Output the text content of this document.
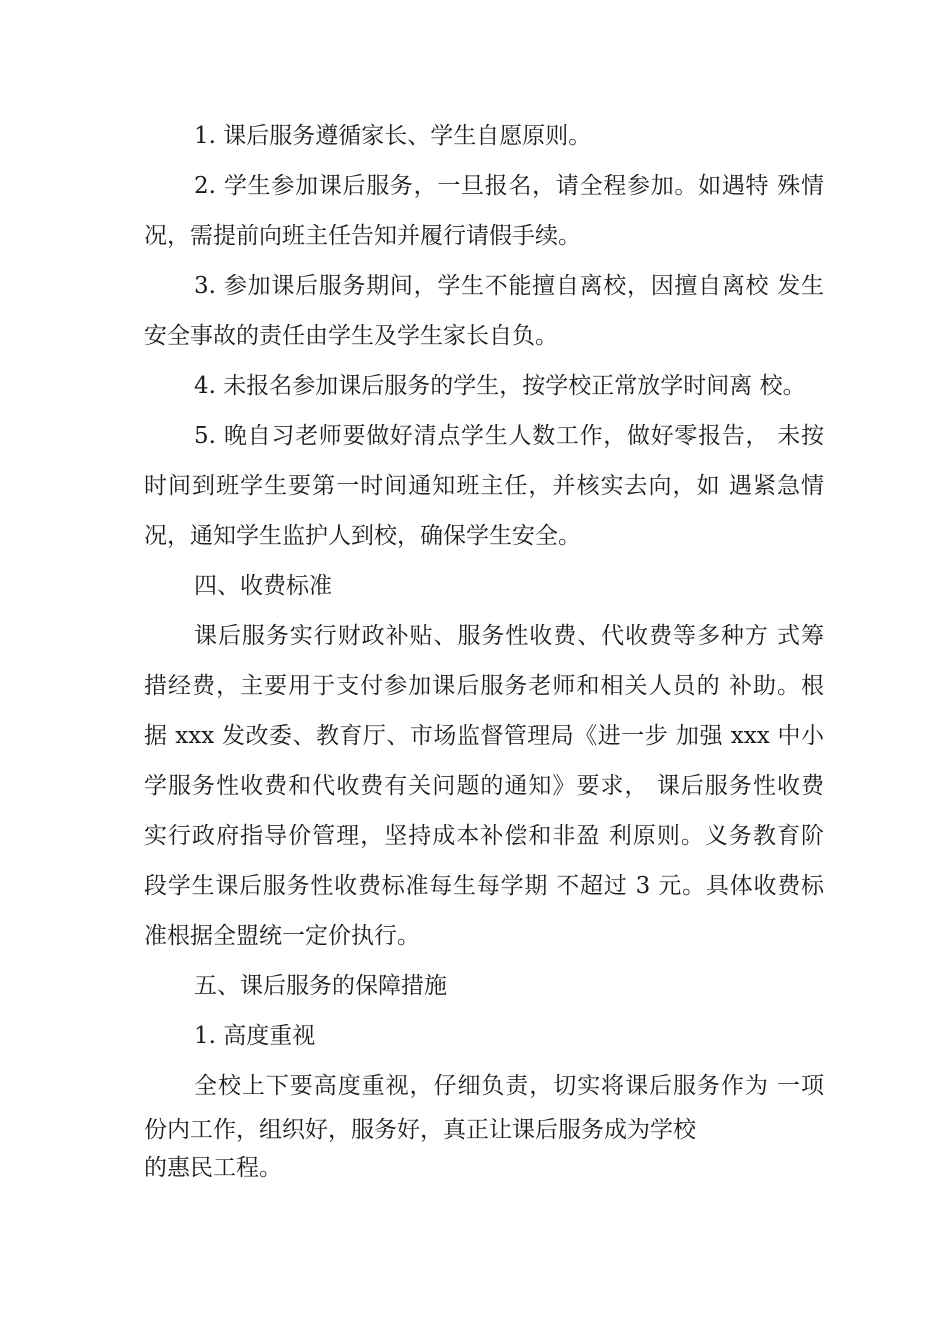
1. 课后服务遵循家长、学生自愿原则。
2. 学生参加课后服务，一旦报名，请全程参加。如遇特 殊情
况，需提前向班主任告知并履行请假手续。
3. 参加课后服务期间，学生不能擅自离校，因擅自离校 发生
安全事故的责任由学生及学生家长自负。
4. 未报名参加课后服务的学生，按学校正常放学时间离 校。
5. 晚自习老师要做好清点学生人数工作，做好零报告， 未按
时间到班学生要第一时间通知班主任，并核实去向，如 遇紧急情
况，通知学生监护人到校，确保学生安全。
四、收费标准
课后服务实行财政补贴、服务性收费、代收费等多种方 式筹
措经费，主要用于支付参加课后服务老师和相关人员的 补助。根
据 xxx 发改委、教育厅、市场监督管理局《进一步 加强 xxx 中小
学服务性收费和代收费有关问题的通知》要求， 课后服务性收费
实行政府指导价管理，坚持成本补偿和非盈 利原则。义务教育阶
段学生课后服务性收费标准每生每学期 不超过 3 元。具体收费标
准根据全盟统一定价执行。
五、课后服务的保障措施
1. 高度重视
全校上下要高度重视，仔细负责，切实将课后服务作为 一项
份内工作，组织好，服务好，真正让课后服务成为学校
的惠民工程。
